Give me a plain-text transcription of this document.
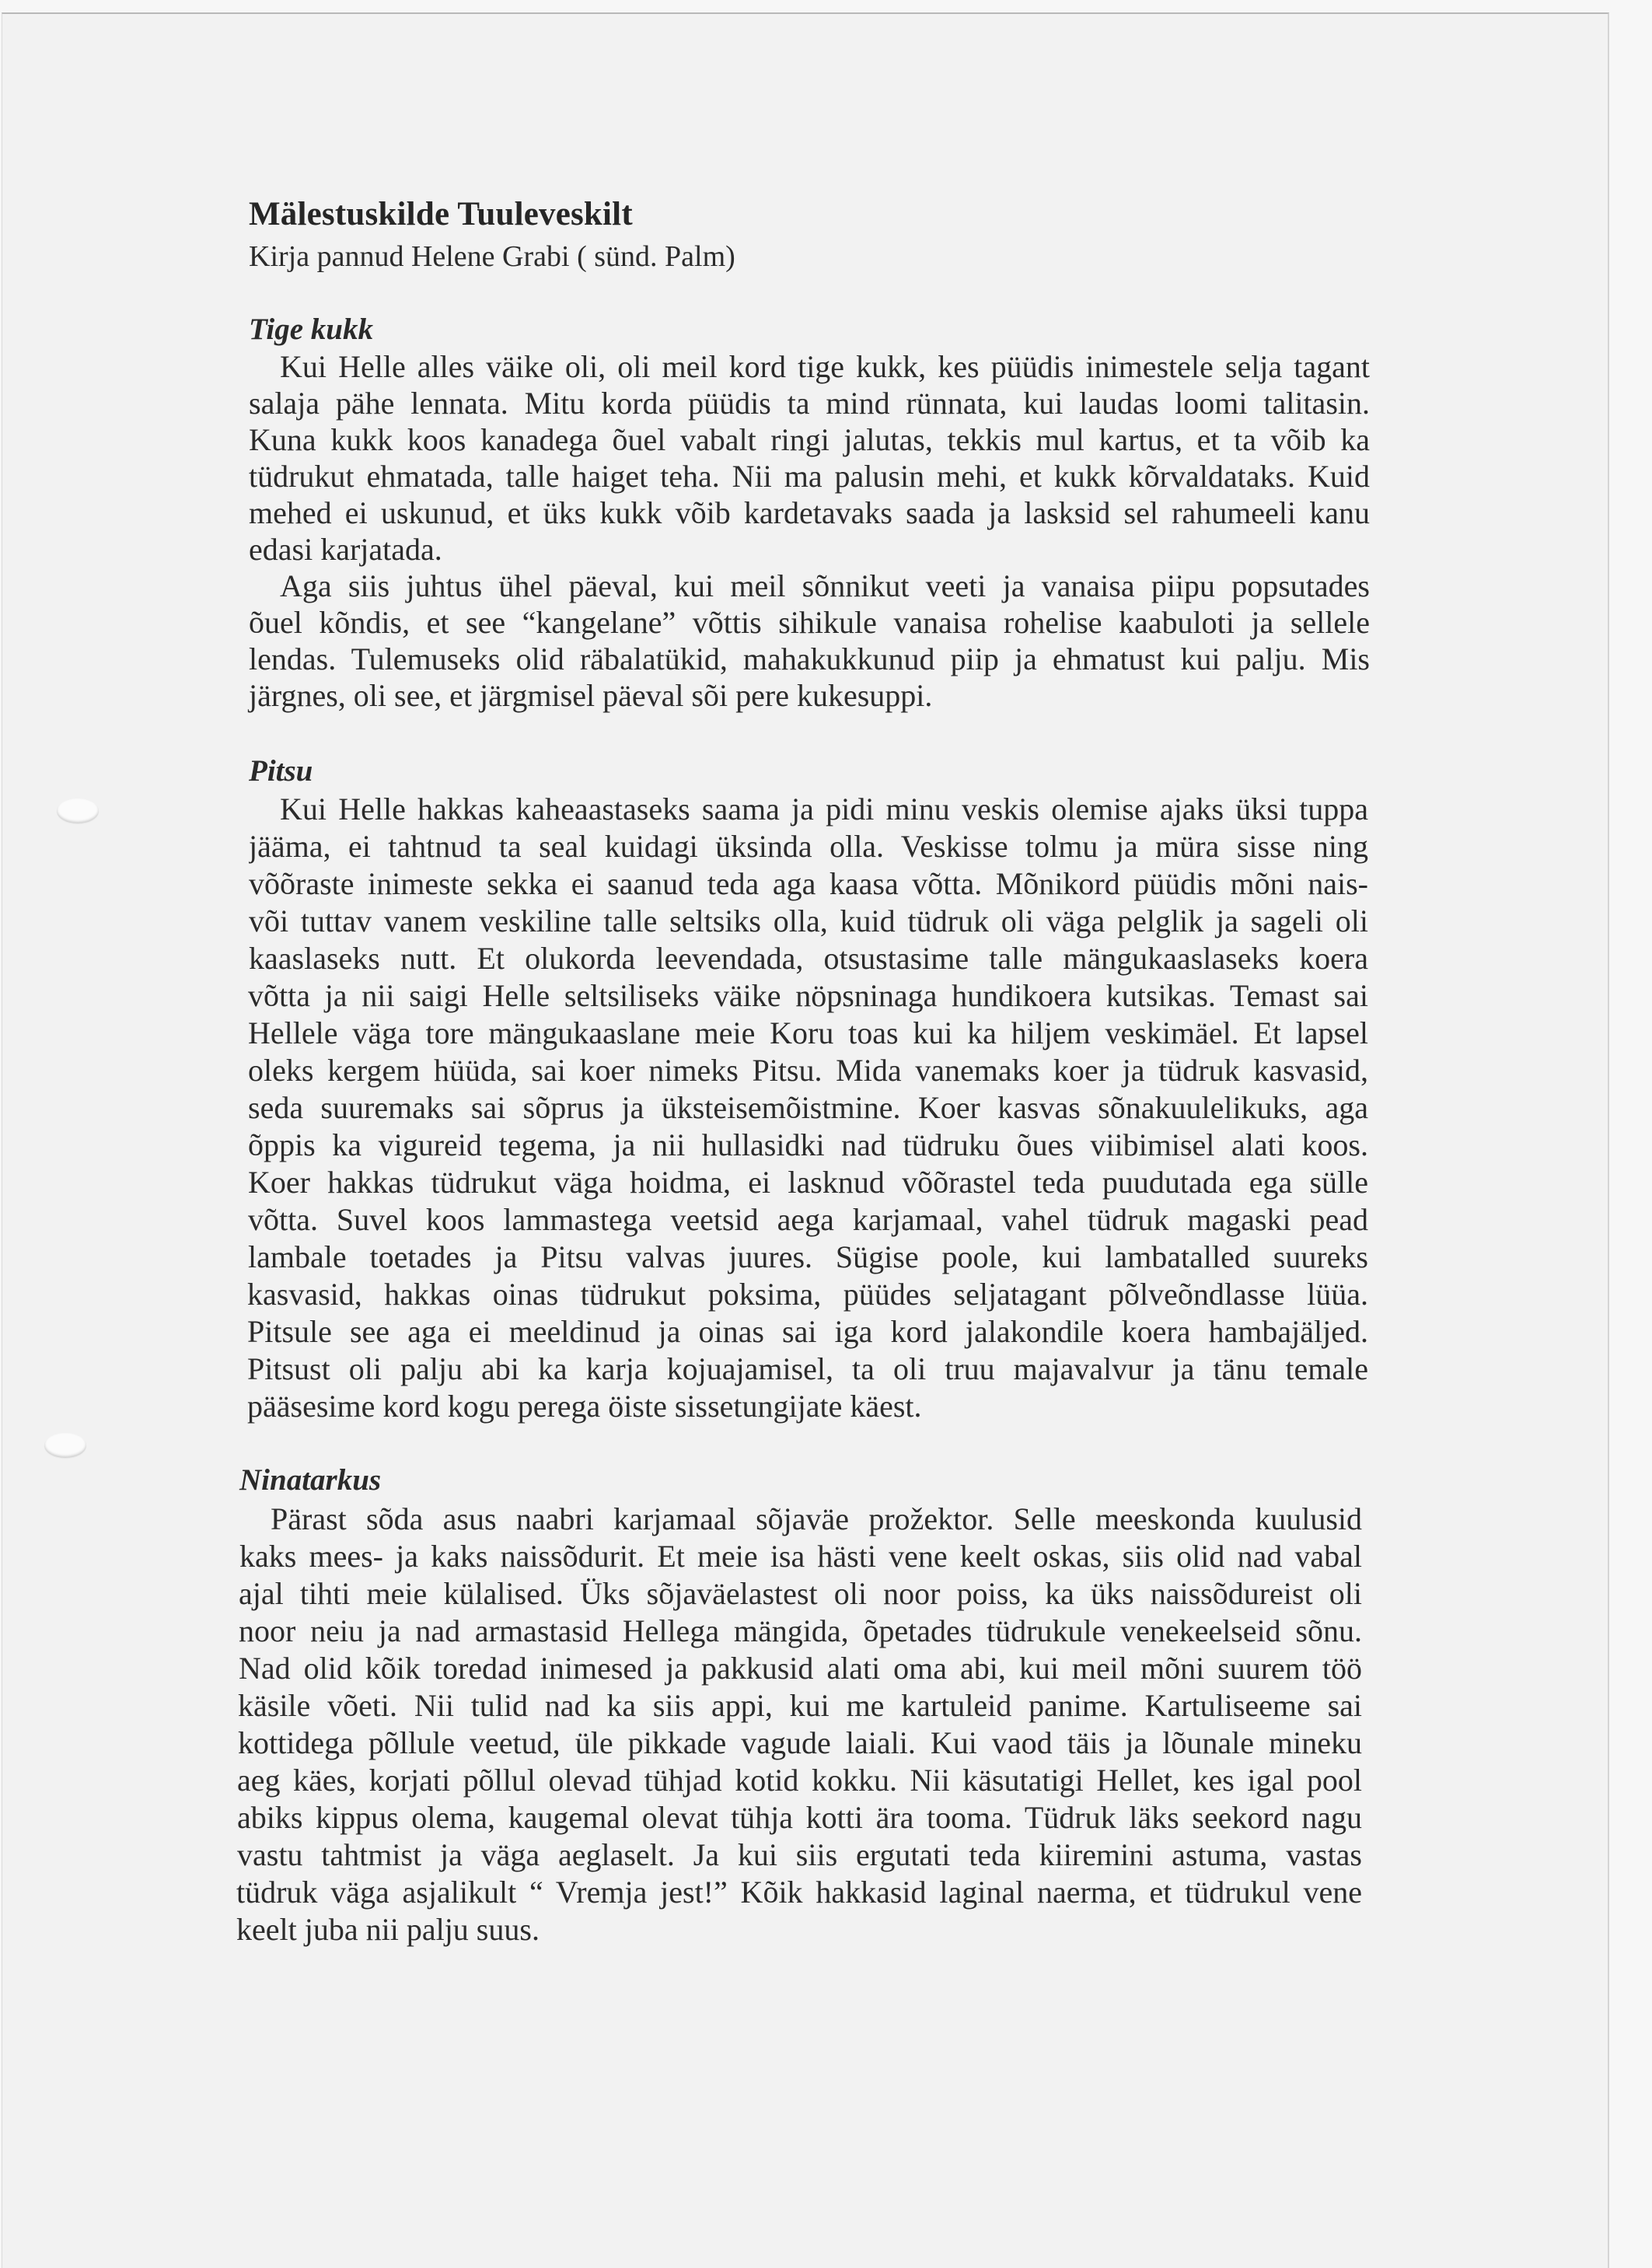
Mälestuskilde Tuuleveskilt
Kirja pannud Helene Grabi ( sünd. Palm)
Tige kukk
Kui Helle alles väike oli, oli meil kord tige kukk, kes püüdis inimestele selja tagant
salaja pähe lennata. Mitu korda püüdis ta mind rünnata, kui laudas loomi talitasin.
Kuna kukk koos kanadega õuel vabalt ringi jalutas, tekkis mul kartus, et ta võib ka
tüdrukut ehmatada, talle haiget teha. Nii ma palusin mehi, et kukk kõrvaldataks. Kuid
mehed ei uskunud, et üks kukk võib kardetavaks saada ja lasksid sel rahumeeli kanu
edasi karjatada.
Aga siis juhtus ühel päeval, kui meil sõnnikut veeti ja vanaisa piipu popsutades
õuel kõndis, et see “kangelane” võttis sihikule vanaisa rohelise kaabuloti ja sellele
lendas. Tulemuseks olid räbalatükid, mahakukkunud piip ja ehmatust kui palju. Mis
järgnes, oli see, et järgmisel päeval sõi pere kukesuppi.
Pitsu
Kui Helle hakkas kaheaastaseks saama ja pidi minu veskis olemise ajaks üksi tuppa
jääma, ei tahtnud ta seal kuidagi üksinda olla. Veskisse tolmu ja müra sisse ning
võõraste inimeste sekka ei saanud teda aga kaasa võtta. Mõnikord püüdis mõni nais-
või tuttav vanem veskiline talle seltsiks olla, kuid tüdruk oli väga pelglik ja sageli oli
kaaslaseks nutt. Et olukorda leevendada, otsustasime talle mängukaaslaseks koera
võtta ja nii saigi Helle seltsiliseks väike nöpsninaga hundikoera kutsikas. Temast sai
Hellele väga tore mängukaaslane meie Koru toas kui ka hiljem veskimäel. Et lapsel
oleks kergem hüüda, sai koer nimeks Pitsu. Mida vanemaks koer ja tüdruk kasvasid,
seda suuremaks sai sõprus ja üksteisemõistmine. Koer kasvas sõnakuulelikuks, aga
õppis ka vigureid tegema, ja nii hullasidki nad tüdruku õues viibimisel alati koos.
Koer hakkas tüdrukut väga hoidma, ei lasknud võõrastel teda puudutada ega sülle
võtta. Suvel koos lammastega veetsid aega karjamaal, vahel tüdruk magaski pead
lambale toetades ja Pitsu valvas juures. Sügise poole, kui lambatalled suureks
kasvasid, hakkas oinas tüdrukut poksima, püüdes seljatagant põlveõndlasse lüüa.
Pitsule see aga ei meeldinud ja oinas sai iga kord jalakondile koera hambajäljed.
Pitsust oli palju abi ka karja kojuajamisel, ta oli truu majavalvur ja tänu temale
pääsesime kord kogu perega öiste sissetungijate käest.
Ninatarkus
Pärast sõda asus naabri karjamaal sõjaväe prožektor. Selle meeskonda kuulusid
kaks mees- ja kaks naissõdurit. Et meie isa hästi vene keelt oskas, siis olid nad vabal
ajal tihti meie külalised. Üks sõjaväelastest oli noor poiss, ka üks naissõdureist oli
noor neiu ja nad armastasid Hellega mängida, õpetades tüdrukule venekeelseid sõnu.
Nad olid kõik toredad inimesed ja pakkusid alati oma abi, kui meil mõni suurem töö
käsile võeti. Nii tulid nad ka siis appi, kui me kartuleid panime. Kartuliseeme sai
kottidega põllule veetud, üle pikkade vagude laiali. Kui vaod täis ja lõunale mineku
aeg käes, korjati põllul olevad tühjad kotid kokku. Nii käsutatigi Hellet, kes igal pool
abiks kippus olema, kaugemal olevat tühja kotti ära tooma. Tüdruk läks seekord nagu
vastu tahtmist ja väga aeglaselt. Ja kui siis ergutati teda kiiremini astuma, vastas
tüdruk väga asjalikult “ Vremja jest!” Kõik hakkasid laginal naerma, et tüdrukul vene
keelt juba nii palju suus.
